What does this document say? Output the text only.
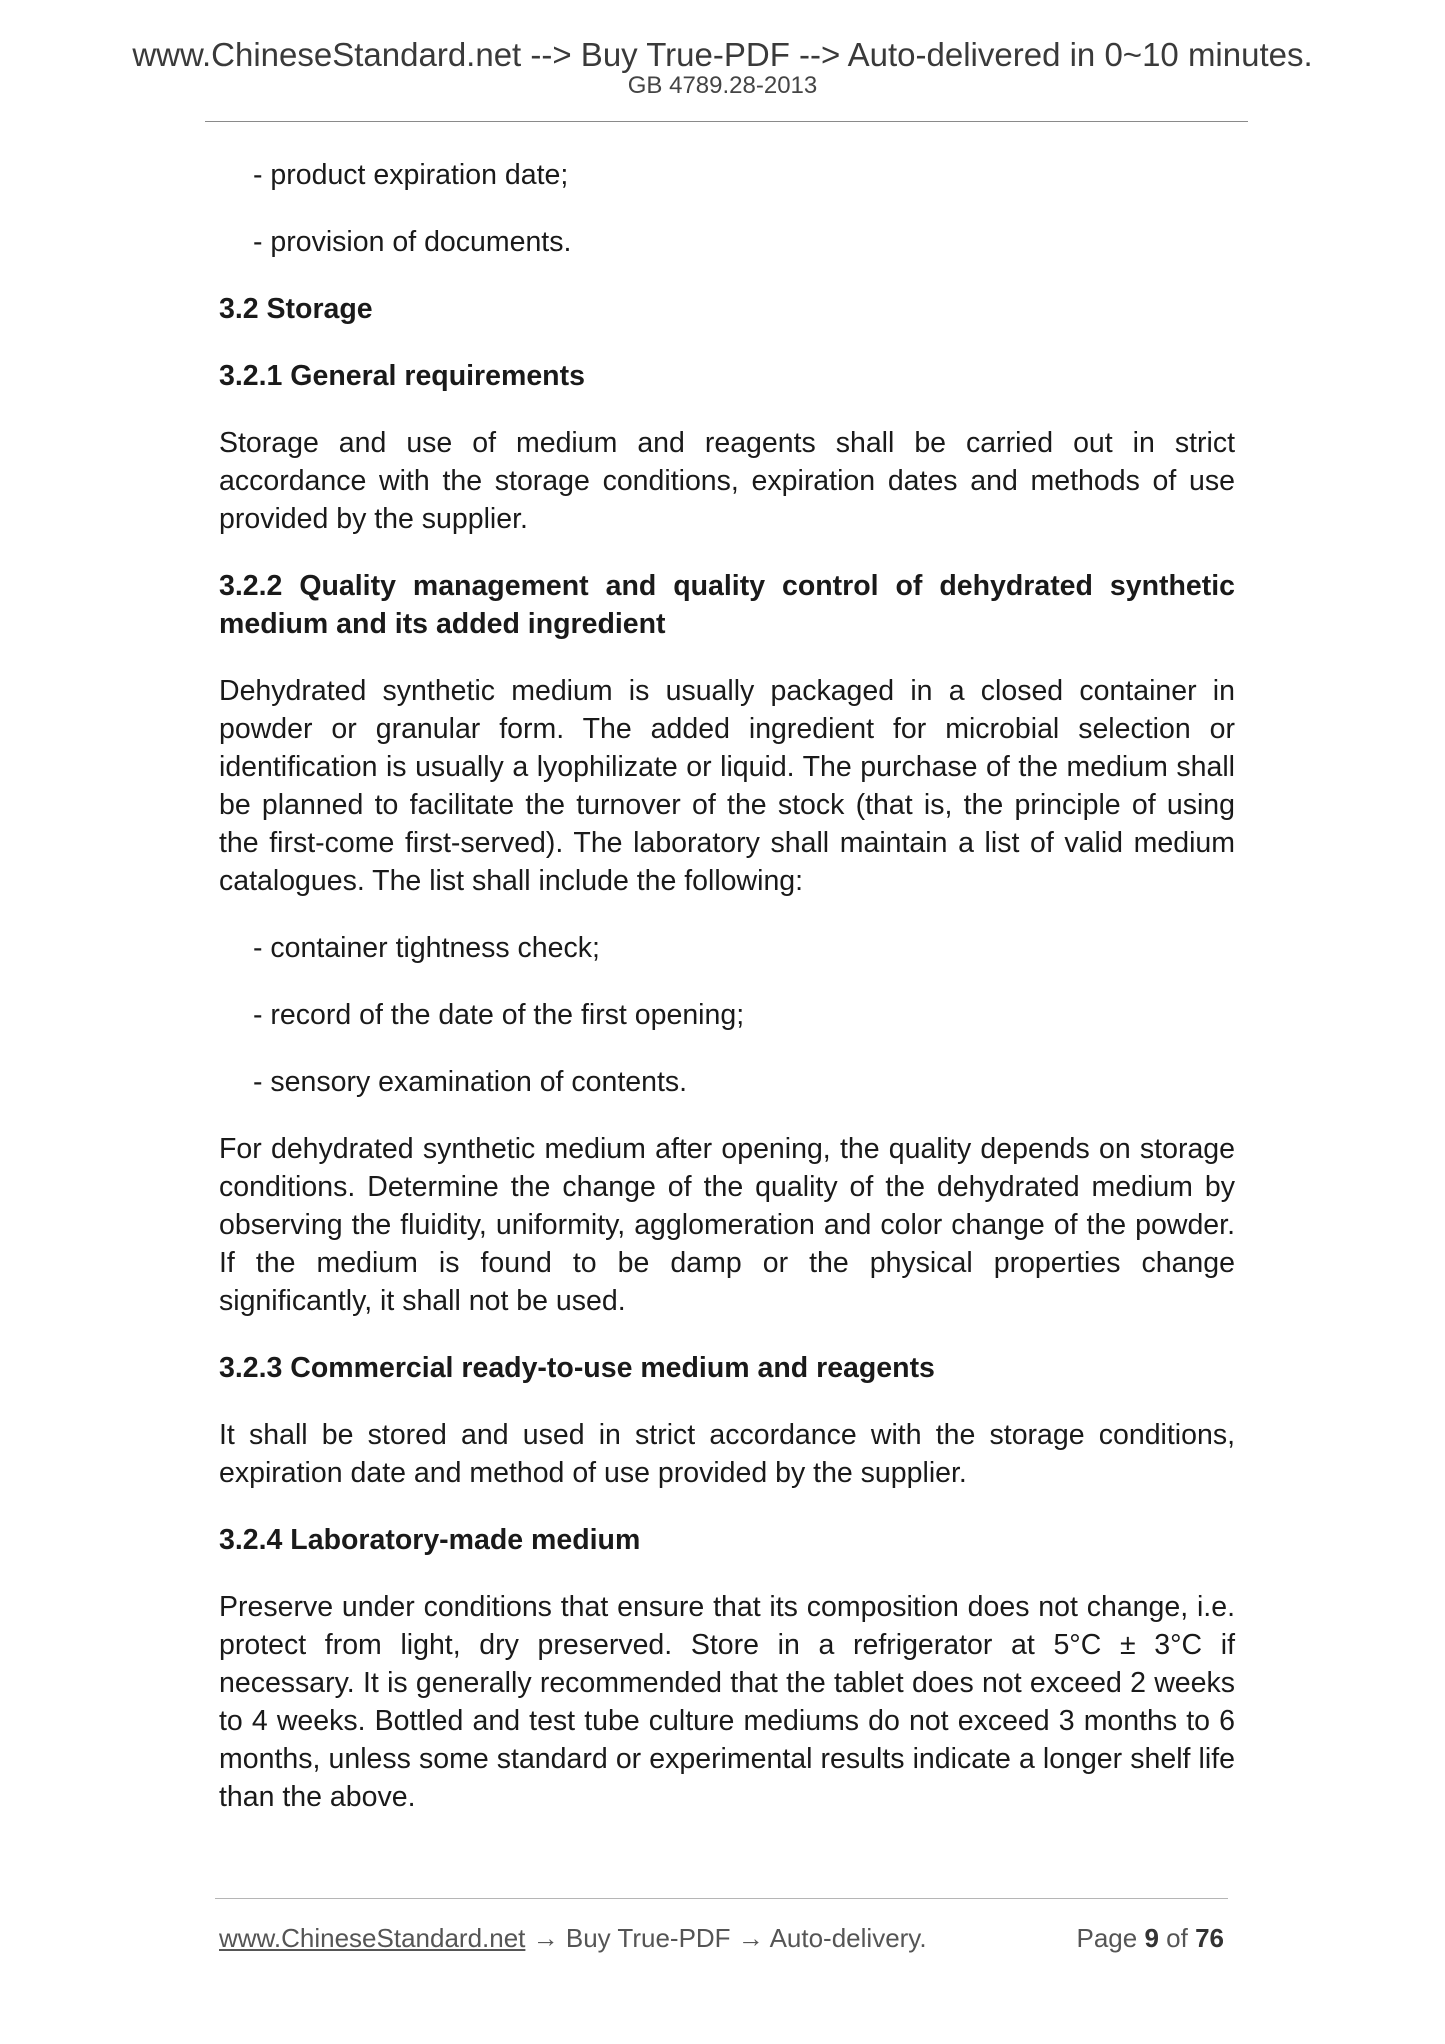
www.ChineseStandard.net --> Buy True-PDF --> Auto-delivered in 0~10 minutes.
GB 4789.28-2013

- product expiration date;

- provision of documents.

3.2 Storage

3.2.1 General requirements

Storage and use of medium and reagents shall be carried out in strict accordance with the storage conditions, expiration dates and methods of use provided by the supplier.

3.2.2 Quality management and quality control of dehydrated synthetic medium and its added ingredient

Dehydrated synthetic medium is usually packaged in a closed container in powder or granular form. The added ingredient for microbial selection or identification is usually a lyophilizate or liquid. The purchase of the medium shall be planned to facilitate the turnover of the stock (that is, the principle of using the first-come first-served). The laboratory shall maintain a list of valid medium catalogues. The list shall include the following:

- container tightness check;

- record of the date of the first opening;

- sensory examination of contents.

For dehydrated synthetic medium after opening, the quality depends on storage conditions. Determine the change of the quality of the dehydrated medium by observing the fluidity, uniformity, agglomeration and color change of the powder. If the medium is found to be damp or the physical properties change significantly, it shall not be used.

3.2.3 Commercial ready-to-use medium and reagents

It shall be stored and used in strict accordance with the storage conditions, expiration date and method of use provided by the supplier.

3.2.4 Laboratory-made medium

Preserve under conditions that ensure that its composition does not change, i.e. protect from light, dry preserved. Store in a refrigerator at 5°C ± 3°C if necessary. It is generally recommended that the tablet does not exceed 2 weeks to 4 weeks. Bottled and test tube culture mediums do not exceed 3 months to 6 months, unless some standard or experimental results indicate a longer shelf life than the above.

www.ChineseStandard.net → Buy True-PDF → Auto-delivery.	Page 9 of 76
